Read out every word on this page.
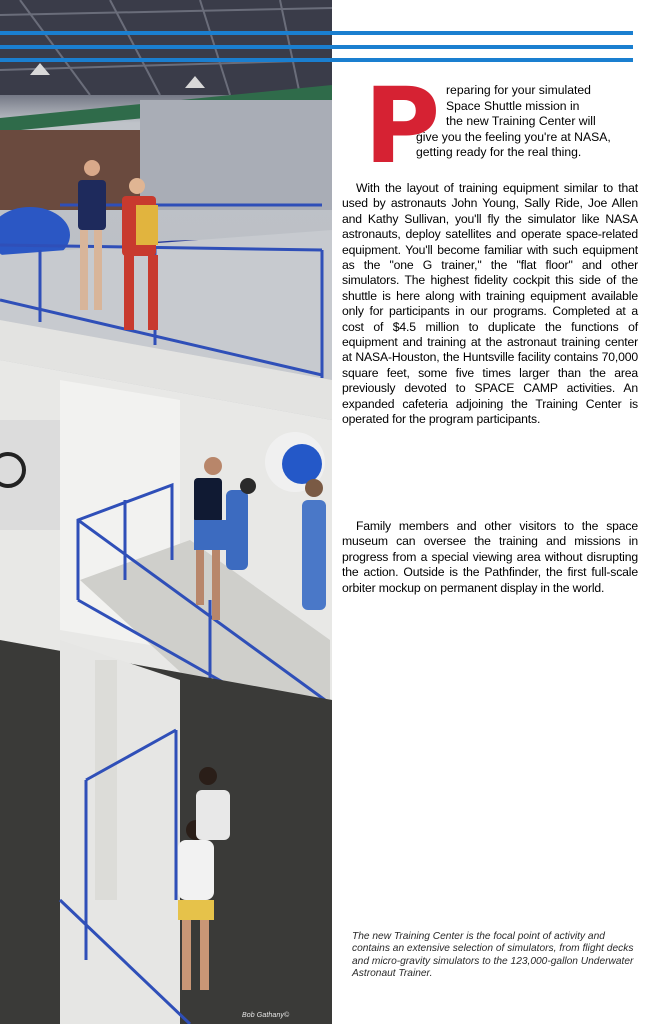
Bob Gathany©
P reparing for your simulated
Space Shuttle mission in
the new Training Center will
give you the feeling you're at NASA,
getting ready for the real thing.

With the layout of training equipment similar to that used by astronauts John Young, Sally Ride, Joe Allen and Kathy Sullivan, you'll fly the simulator like NASA astronauts, deploy satellites and operate space-related equipment. You'll become familiar with such equipment as the "one G trainer," the "flat floor" and other simulators. The highest fidelity cockpit this side of the shuttle is here along with training equipment available only for participants in our programs. Completed at a cost of $4.5 million to duplicate the functions of equipment and training at the astronaut training center at NASA-Houston, the Huntsville facility contains 70,000 square feet, some five times larger than the area previously devoted to SPACE CAMP activities. An expanded cafeteria adjoining the Training Center is operated for the program participants.

Family members and other visitors to the space museum can oversee the training and missions in progress from a special viewing area without disrupting the action. Outside is the Pathfinder, the first full-scale orbiter mockup on permanent display in the world.

The new Training Center is the focal point of activity and contains an extensive selection of simulators, from flight decks and micro-gravity simulators to the 123,000-gallon Underwater Astronaut Trainer.
